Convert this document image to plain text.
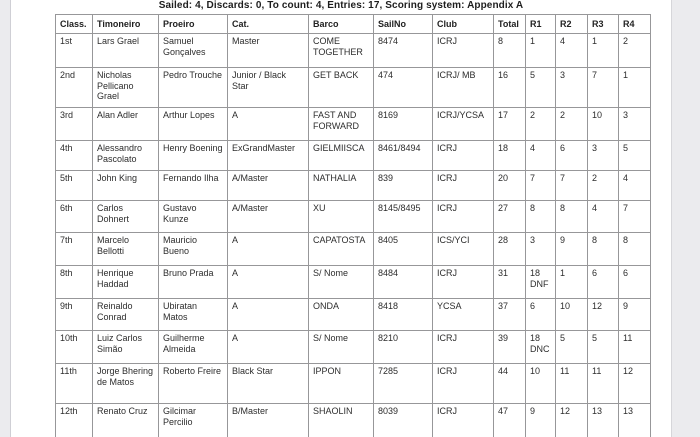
Sailed: 4, Discards: 0, To count: 4, Entries: 17, Scoring system: Appendix A
Class.	Timoneiro	Proeiro	Cat.	Barco	SailNo	Club	Total	R1	R2	R3	R4
1st	Lars Grael	Samuel Gonçalves	Master	COME TOGETHER	8474	ICRJ	8	1	4	1	2
2nd	Nicholas Pellicano Grael	Pedro Trouche	Junior / Black Star	GET BACK	474	ICRJ/ MB	16	5	3	7	1
3rd	Alan Adler	Arthur Lopes	A	FAST AND FORWARD	8169	ICRJ/YCSA	17	2	2	10	3
4th	Alessandro Pascolato	Henry Boening	ExGrandMaster	GIELMIISCA	8461/8494	ICRJ	18	4	6	3	5
5th	John King	Fernando Ilha	A/Master	NATHALIA	839	ICRJ	20	7	7	2	4
6th	Carlos Dohnert	Gustavo Kunze	A/Master	XU	8145/8495	ICRJ	27	8	8	4	7
7th	Marcelo Bellotti	Mauricio Bueno	A	CAPATOSTA	8405	ICS/YCI	28	3	9	8	8
8th	Henrique Haddad	Bruno Prada	A	S/ Nome	8484	ICRJ	31	18 DNF	1	6	6
9th	Reinaldo Conrad	Ubiratan Matos	A	ONDA	8418	YCSA	37	6	10	12	9
10th	Luiz Carlos Simão	Guilherme Almeida	A	S/ Nome	8210	ICRJ	39	18 DNC	5	5	11
11th	Jorge Bhering de Matos	Roberto Freire	Black Star	IPPON	7285	ICRJ	44	10	11	11	12
12th	Renato Cruz	Gilcimar Percilio	B/Master	SHAOLIN	8039	ICRJ	47	9	12	13	13
